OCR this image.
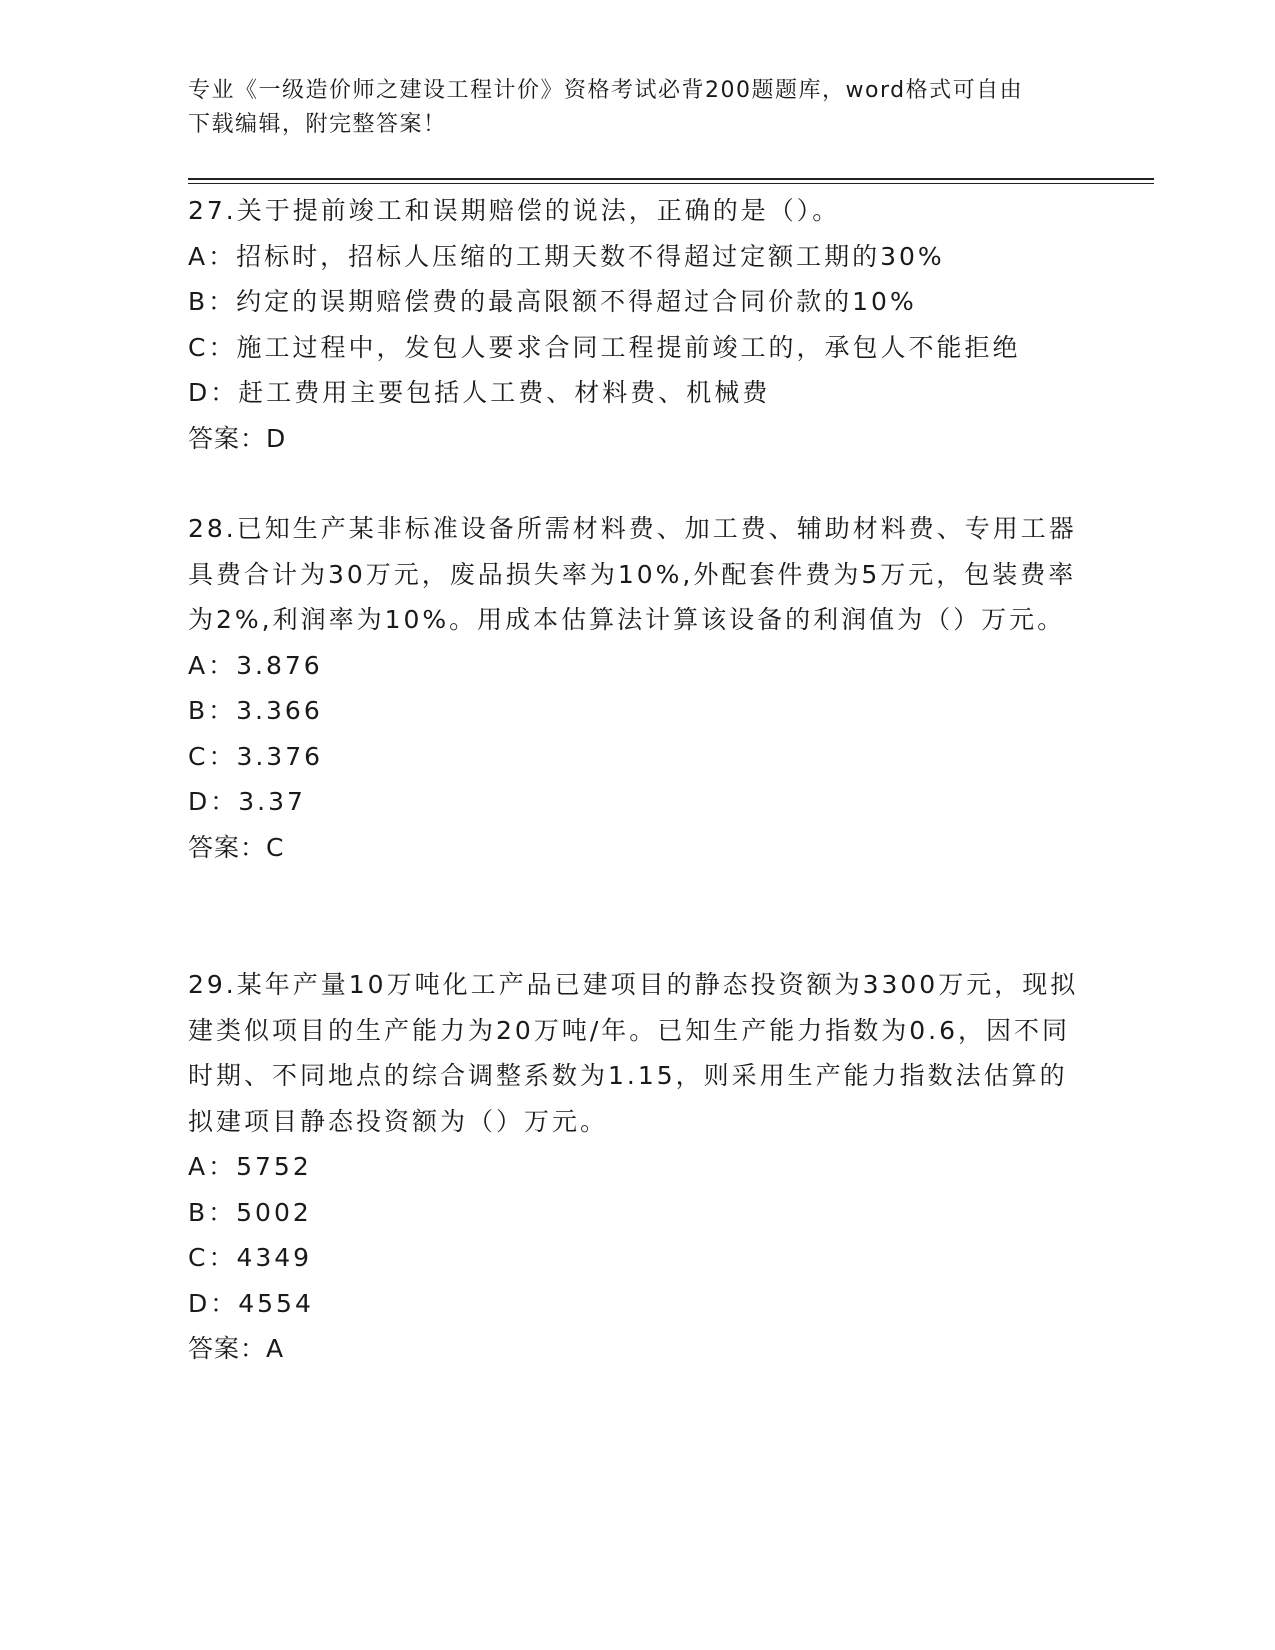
专业《一级造价师之建设工程计价》资格考试必背200题题库，word格式可自由
下载编辑，附完整答案！
27.关于提前竣工和误期赔偿的说法，正确的是（）。
A：招标时，招标人压缩的工期天数不得超过定额工期的30%
B：约定的误期赔偿费的最高限额不得超过合同价款的10%
C：施工过程中，发包人要求合同工程提前竣工的，承包人不能拒绝
D：赶工费用主要包括人工费、材料费、机械费
答案：D
28.已知生产某非标准设备所需材料费、加工费、辅助材料费、专用工器具费合计为30万元，废品损失率为10%,外配套件费为5万元，包装费率为2%,利润率为10%。用成本估算法计算该设备的利润值为（）万元。
A：3.876
B：3.366
C：3.376
D：3.37
答案：C
29.某年产量10万吨化工产品已建项目的静态投资额为3300万元，现拟建类似项目的生产能力为20万吨/年。已知生产能力指数为0.6，因不同时期、不同地点的综合调整系数为1.15，则采用生产能力指数法估算的拟建项目静态投资额为（）万元。
A：5752
B：5002
C：4349
D：4554
答案：A
